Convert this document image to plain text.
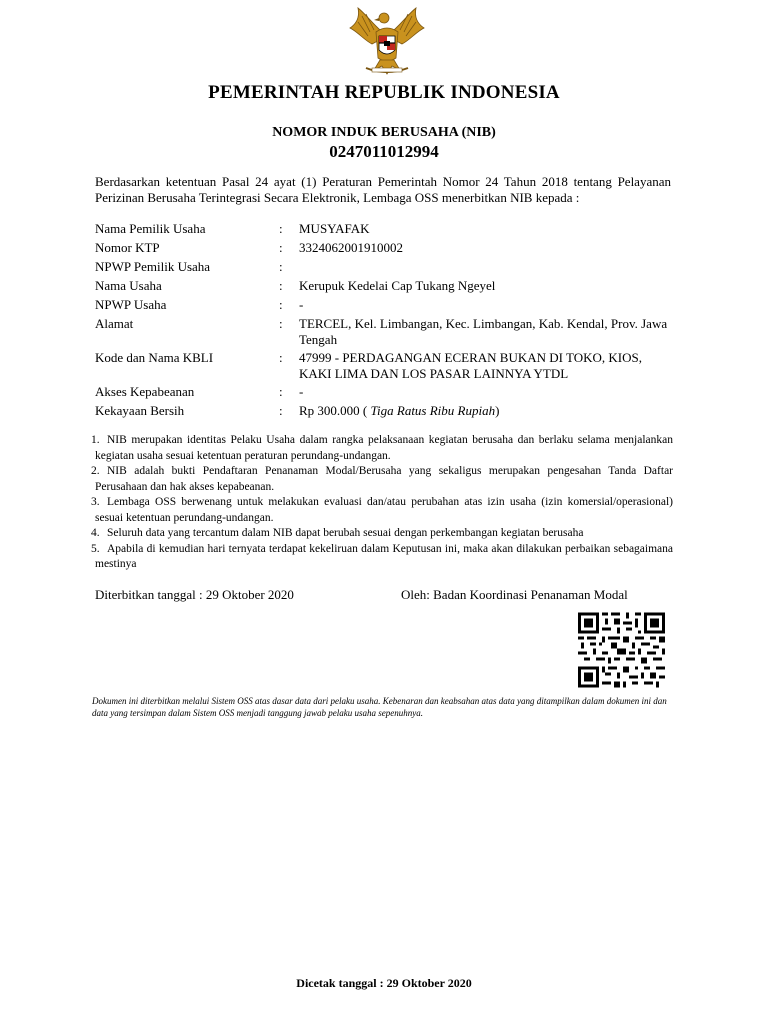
PEMERINTAH REPUBLIK INDONESIA
NOMOR INDUK BERUSAHA (NIB)
0247011012994
Berdasarkan ketentuan Pasal 24 ayat (1) Peraturan Pemerintah Nomor 24 Tahun 2018 tentang Pelayanan Perizinan Berusaha Terintegrasi Secara Elektronik, Lembaga OSS menerbitkan NIB kepada :
Nama Pemilik Usaha	: MUSYAFAK
Nomor KTP	: 3324062001910002
NPWP Pemilik Usaha	:
Nama Usaha	: Kerupuk Kedelai Cap Tukang Ngeyel
NPWP Usaha	: -
Alamat	: TERCEL, Kel. Limbangan, Kec. Limbangan, Kab. Kendal, Prov. Jawa Tengah
Kode dan Nama KBLI	: 47999 - PERDAGANGAN ECERAN BUKAN DI TOKO, KIOS, KAKI LIMA DAN LOS PASAR LAINNYA YTDL
Akses Kepabeanan	: -
Kekayaan Bersih	: Rp 300.000 ( Tiga Ratus Ribu Rupiah)
1. NIB merupakan identitas Pelaku Usaha dalam rangka pelaksanaan kegiatan berusaha dan berlaku selama menjalankan kegiatan usaha sesuai ketentuan peraturan perundang-undangan.
2. NIB adalah bukti Pendaftaran Penanaman Modal/Berusaha yang sekaligus merupakan pengesahan Tanda Daftar Perusahaan dan hak akses kepabeanan.
3. Lembaga OSS berwenang untuk melakukan evaluasi dan/atau perubahan atas izin usaha (izin komersial/operasional) sesuai ketentuan perundang-undangan.
4. Seluruh data yang tercantum dalam NIB dapat berubah sesuai dengan perkembangan kegiatan berusaha
5. Apabila di kemudian hari ternyata terdapat kekeliruan dalam Keputusan ini, maka akan dilakukan perbaikan sebagaimana mestinya
Diterbitkan tanggal : 29 Oktober 2020	Oleh: Badan Koordinasi Penanaman Modal
Dokumen ini diterbitkan melalui Sistem OSS atas dasar data dari pelaku usaha. Kebenaran dan keabsahan atas data yang ditampilkan dalam dokumen ini dan data yang tersimpan dalam Sistem OSS menjadi tanggung jawab pelaku usaha sepenuhnya.
Dicetak tanggal : 29 Oktober 2020
